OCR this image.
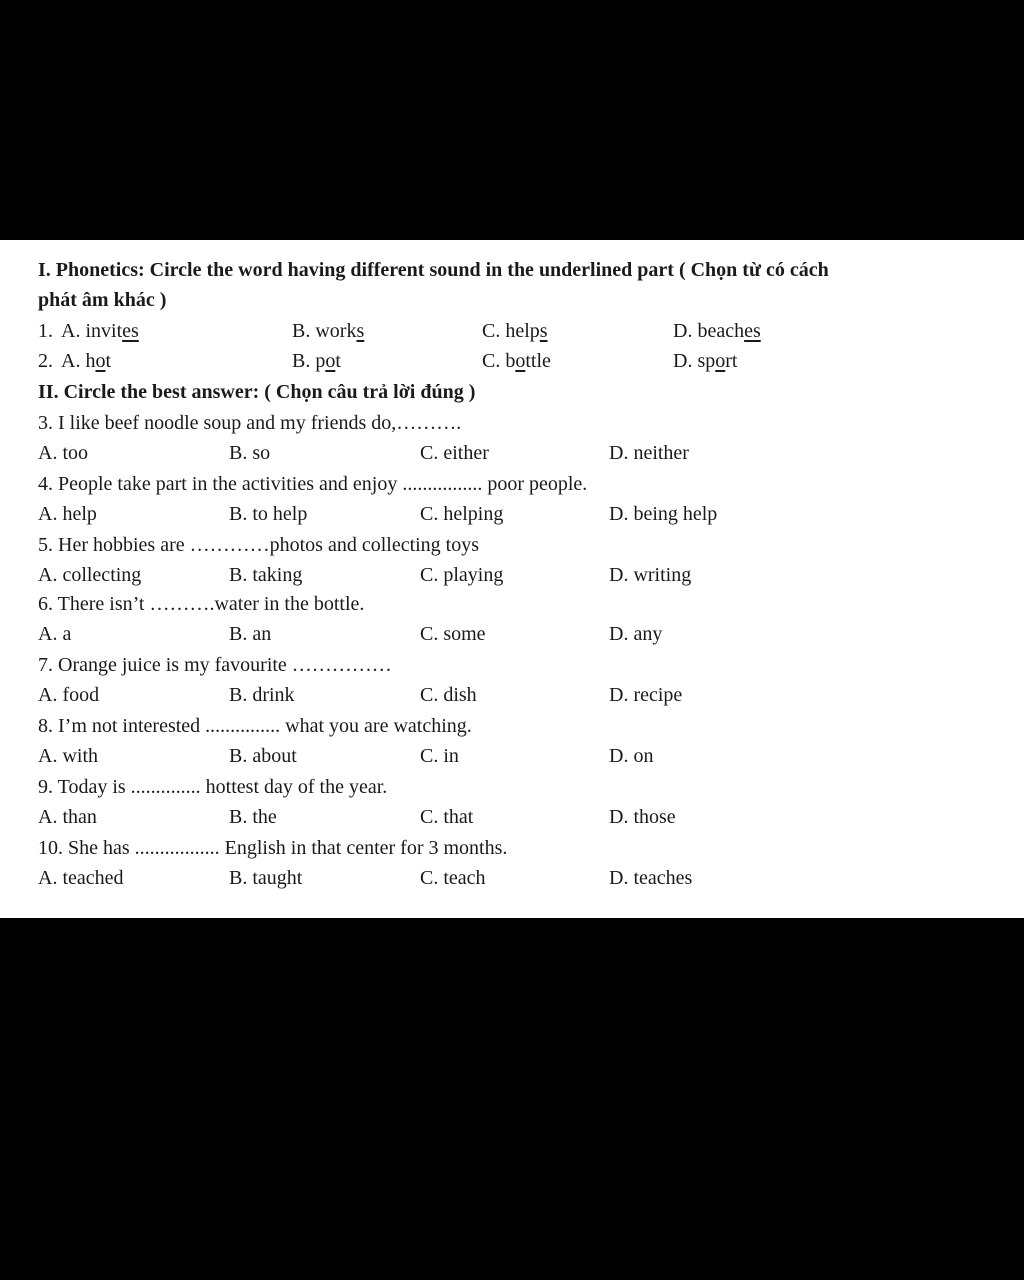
I. Phonetics: Circle the word having different sound in the underlined part ( Chọn từ có cách
phát âm khác )
1. A. invites	B. works	C. helps	D. beaches
2. A. hot	B. pot	C. bottle	D. sport
II. Circle the best answer: ( Chọn câu trả lời đúng )
3. I like beef noodle soup and my friends do,……….
A. too	B. so	C. either	D. neither
4. People take part in the activities and enjoy ................ poor people.
A. help	B. to help	C. helping	D. being help
5. Her hobbies are …………photos and collecting toys
A. collecting	B. taking	C. playing	D. writing
6. There isn’t ……….water in the bottle.
A. a	B. an	C. some	D. any
7. Orange juice is my favourite ……………
A. food	B. drink	C. dish	D. recipe
8. I’m not interested ............... what you are watching.
A. with	B. about	C. in	D. on
9. Today is .............. hottest day of the year.
A. than	B. the	C. that	D. those
10. She has ................. English in that center for 3 months.
A. teached	B. taught	C. teach	D. teaches
